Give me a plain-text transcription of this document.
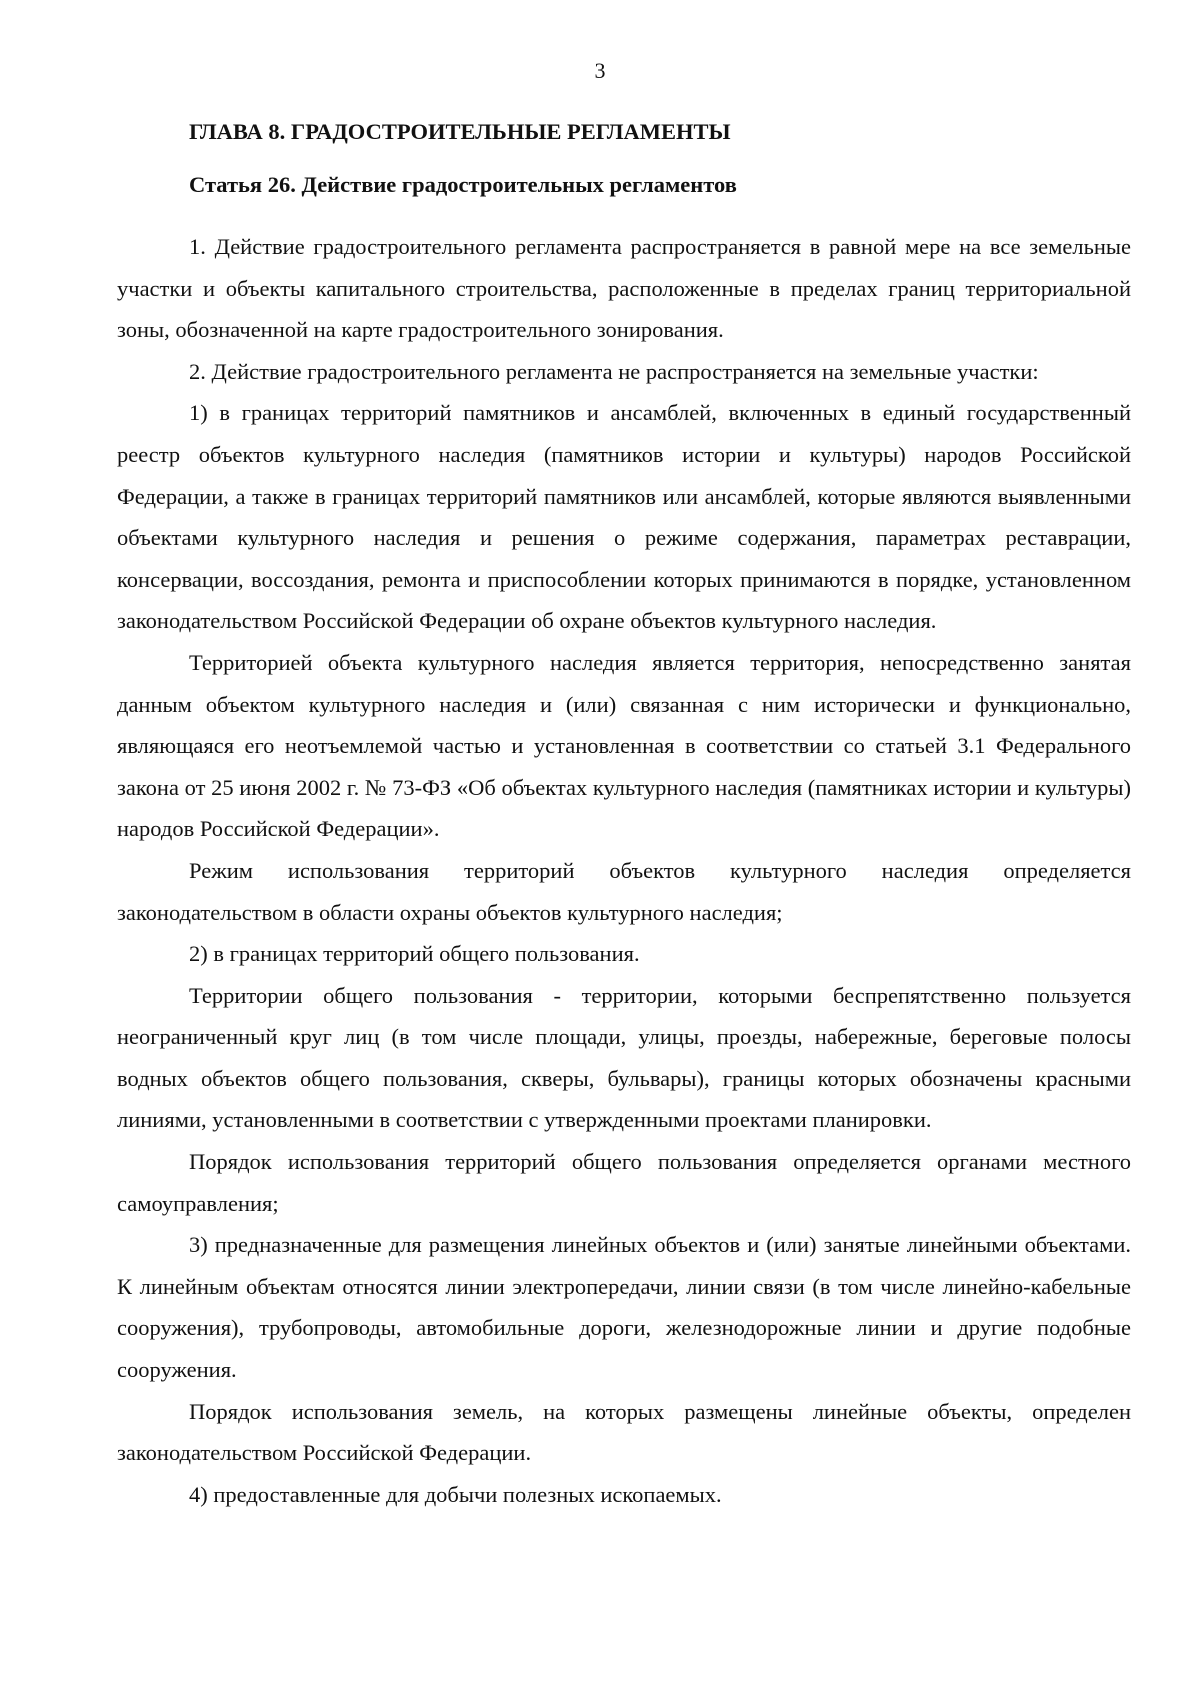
3
ГЛАВА 8. ГРАДОСТРОИТЕЛЬНЫЕ РЕГЛАМЕНТЫ
Статья 26. Действие градостроительных регламентов

1. Действие градостроительного регламента распространяется в равной мере на все земельные участки и объекты капитального строительства, расположенные в пределах границ территориальной зоны, обозначенной на карте градостроительного зонирования.

2. Действие градостроительного регламента не распространяется на земельные участки:

1) в границах территорий памятников и ансамблей, включенных в единый государственный реестр объектов культурного наследия (памятников истории и культуры) народов Российской Федерации, а также в границах территорий памятников или ансамблей, которые являются выявленными объектами культурного наследия и решения о режиме содержания, параметрах реставрации, консервации, воссоздания, ремонта и приспособлении которых принимаются в порядке, установленном законодательством Российской Федерации об охране объектов культурного наследия.

Территорией объекта культурного наследия является территория, непосредственно занятая данным объектом культурного наследия и (или) связанная с ним исторически и функционально, являющаяся его неотъемлемой частью и установленная в соответствии со статьей 3.1 Федерального закона от 25 июня 2002 г. № 73-ФЗ «Об объектах культурного наследия (памятниках истории и культуры) народов Российской Федерации».

Режим использования территорий объектов культурного наследия определяется законодательством в области охраны объектов культурного наследия;

2) в границах территорий общего пользования.

Территории общего пользования - территории, которыми беспрепятственно пользуется неограниченный круг лиц (в том числе площади, улицы, проезды, набережные, береговые полосы водных объектов общего пользования, скверы, бульвары), границы которых обозначены красными линиями, установленными в соответствии с утвержденными проектами планировки.

Порядок использования территорий общего пользования определяется органами местного самоуправления;

3) предназначенные для размещения линейных объектов и (или) занятые линейными объектами. К линейным объектам относятся линии электропередачи, линии связи (в том числе линейно-кабельные сооружения), трубопроводы, автомобильные дороги, железнодорожные линии и другие подобные сооружения.

Порядок использования земель, на которых размещены линейные объекты, определен законодательством Российской Федерации.

4) предоставленные для добычи полезных ископаемых.
